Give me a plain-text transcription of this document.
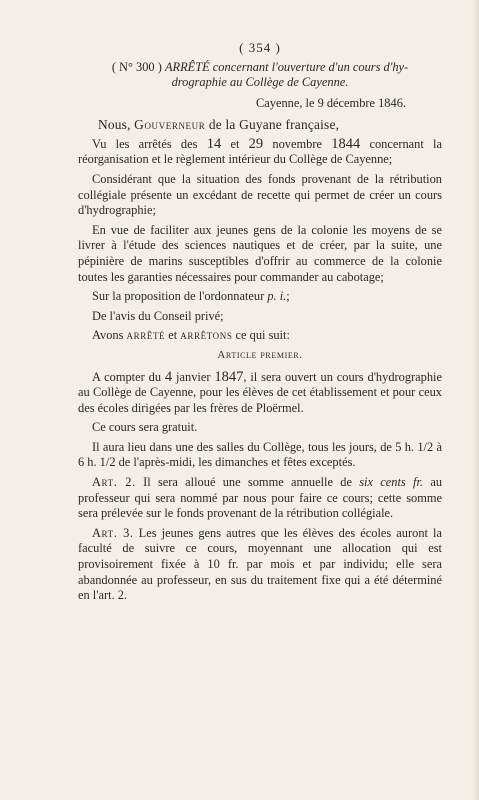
( 354 )
( N° 300 ) ARRÊTÉ concernant l'ouverture d'un cours d'hy-
drographie au Collège de Cayenne.
Cayenne, le 9 décembre 1846.
Nous, Gouverneur de la Guyane française,

Vu les arrêtés des 14 et 29 novembre 1844 concernant la réorganisation et le règlement intérieur du Collège de Cayenne;

Considérant que la situation des fonds provenant de la rétribution collégiale présente un excédant de recette qui permet de créer un cours d'hydrographie;

En vue de faciliter aux jeunes gens de la colonie les moyens de se livrer à l'étude des sciences nautiques et de créer, par la suite, une pépinière de marins susceptibles d'offrir au commerce de la colonie toutes les garanties nécessaires pour commander au cabotage;

Sur la proposition de l'ordonnateur p. i.;

De l'avis du Conseil privé;

Avons arrêté et arrêtons ce qui suit:

Article premier.

A compter du 4 janvier 1847, il sera ouvert un cours d'hydrographie au Collège de Cayenne, pour les élèves de cet établissement et pour ceux des écoles dirigées par les frères de Ploërmel.

Ce cours sera gratuit.

Il aura lieu dans une des salles du Collège, tous les jours, de 5 h. 1/2 à 6 h. 1/2 de l'après-midi, les dimanches et fêtes exceptés.

Art. 2. Il sera alloué une somme annuelle de six cents fr. au professeur qui sera nommé par nous pour faire ce cours; cette somme sera prélevée sur le fonds provenant de la rétribution collégiale.

Art. 3. Les jeunes gens autres que les élèves des écoles auront la faculté de suivre ce cours, moyennant une allocation qui est provisoirement fixée à 10 fr. par mois et par individu; elle sera abandonnée au professeur, en sus du traitement fixe qui a été déterminé en l'art. 2.
